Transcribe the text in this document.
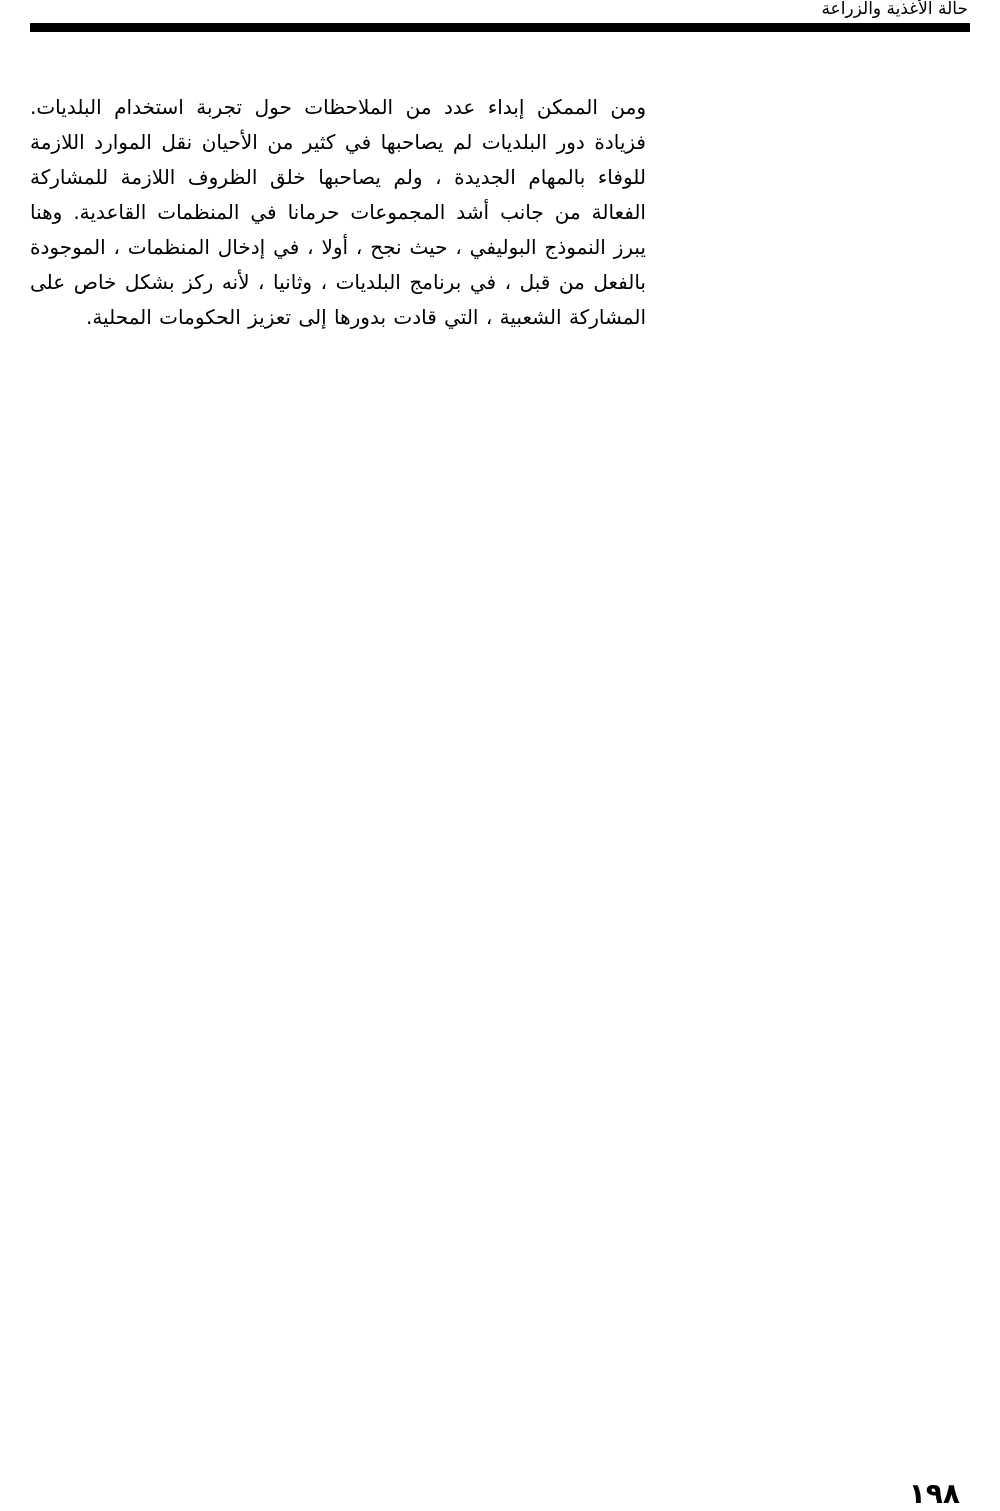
حالة الأغذية والزراعة

ومن الممكن إبداء عدد من الملاحظات حول تجربة استخدام البلديات. فزيادة دور البلديات لم يصاحبها في كثير من الأحيان نقل الموارد اللازمة للوفاء بالمهام الجديدة ، ولم يصاحبها خلق الظروف اللازمة للمشاركة الفعالة من جانب أشد المجموعات حرمانا في المنظمات القاعدية. وهنا يبرز النموذج البوليفي ، حيث نجح ، أولا ، في إدخال المنظمات ، الموجودة بالفعل من قبل ، في برنامج البلديات ، وثانيا ، لأنه ركز بشكل خاص على المشاركة الشعبية ، التي قادت بدورها إلى تعزيز الحكومات المحلية.

١٩٨
